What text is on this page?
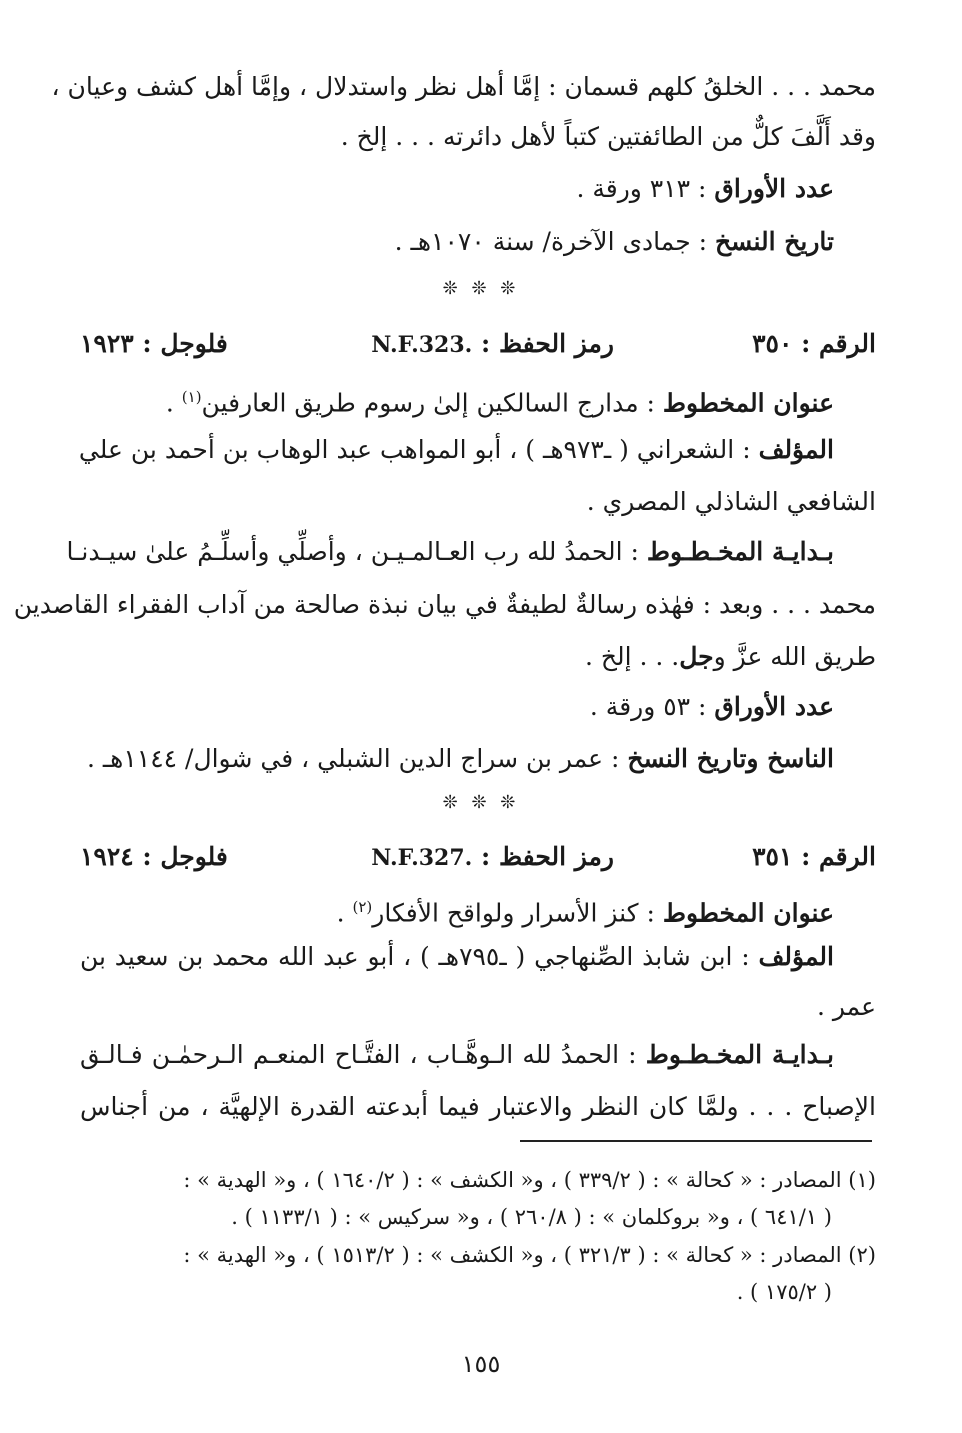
محمد . . . الخلقُ كلهم قسمان : إمَّا أهل نظر واستدلال ، وإمَّا أهل كشف وعيان ،
وقد أَلَّفَ كلٌّ من الطائفتين كتباً لأهل دائرته . . . إلخ .
عدد الأوراق : ٣١٣ ورقة .
تاريخ النسخ : جمادى الآخرة/ سنة ١٠٧٠هـ .
❊ ❊ ❊
الرقم : ٣٥٠
رمز الحفظ : N.F.323.
فلوجل : ١٩٢٣
عنوان المخطوط : مدارج السالكين إلىٰ رسوم طريق العارفين$^{(١)}$ .
المؤلف : الشعراني ( ـ٩٧٣هـ ) ، أبو المواهب عبد الوهاب بن أحمد بن علي
الشافعي الشاذلي المصري .
بـدايـة المخـطـوط : الحمدُ لله رب العـالمـيـن ، وأصلِّي وأسلِّـمُ علىٰ سيـدنـا
محمد . . . وبعد : فهٰذه رسالةٌ لطيفةٌ في بيان نبذة صالحة من آداب الفقراء القاصدين
طريق الله عزَّ وجل. . . إلخ .
عدد الأوراق : ٥٣ ورقة .
الناسخ وتاريخ النسخ : عمر بن سراج الدين الشبلي ، في شوال/ ١١٤٤هـ .
❊ ❊ ❊
الرقم : ٣٥١
رمز الحفظ : N.F.327.
فلوجل : ١٩٢٤
عنوان المخطوط : كنز الأسرار ولواقح الأفكار$^{(٢)}$ .
المؤلف : ابن شابذ الصِّنهاجي ( ـ٧٩٥هـ ) ، أبو عبد الله محمد بن سعيد بن
عمر .
بـدايـة المخـطـوط : الحمدُ لله الـوهَّـاب ، الفتَّـاح المنعـم الـرحمٰـن فـالـق
الإصباح . . . ولمَّا كان النظر والاعتبار فيما أبدعته القدرة الإلهيَّة ، من أجناس
(١) المصادر : « كحالة » : ( ٣٣٩/٢ ) ، و« الكشف » : ( ١٦٤٠/٢ ) ، و« الهدية » :
( ٦٤١/١ ) ، و« بروكلمان » : ( ٢٦٠/٨ ) ، و« سركيس » : ( ١١٣٣/١ ) .
(٢) المصادر : « كحالة » : ( ٣٢١/٣ ) ، و« الكشف » : ( ١٥١٣/٢ ) ، و« الهدية » :
( ١٧٥/٢ ) .
١٥٥
